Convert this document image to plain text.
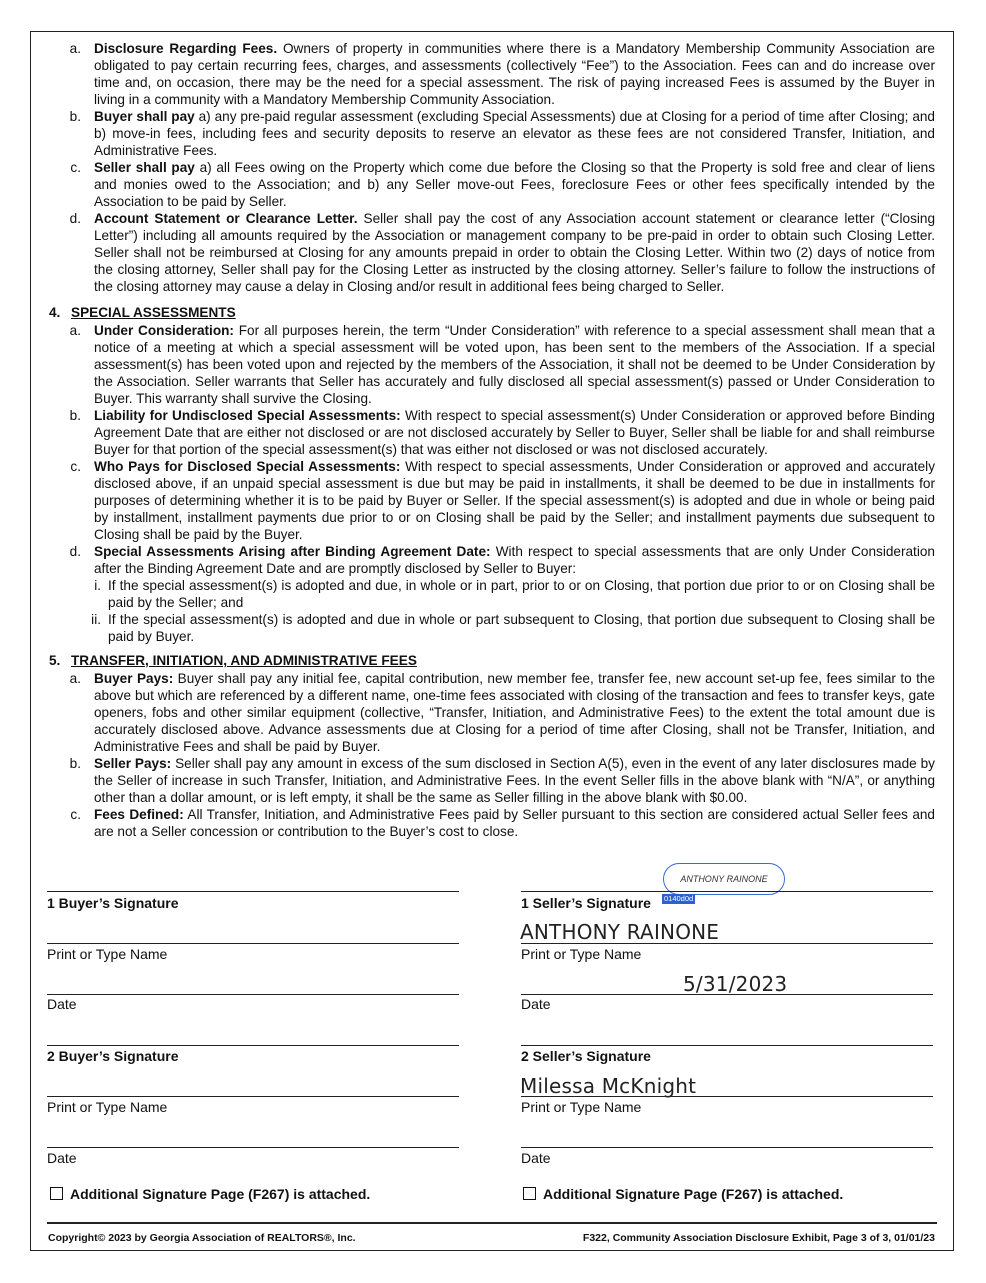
a. Disclosure Regarding Fees. Owners of property in communities where there is a Mandatory Membership Community Association are obligated to pay certain recurring fees, charges, and assessments (collectively “Fee”) to the Association. Fees can and do increase over time and, on occasion, there may be the need for a special assessment. The risk of paying increased Fees is assumed by the Buyer in living in a community with a Mandatory Membership Community Association.
b. Buyer shall pay a) any pre-paid regular assessment (excluding Special Assessments) due at Closing for a period of time after Closing; and b) move-in fees, including fees and security deposits to reserve an elevator as these fees are not considered Transfer, Initiation, and Administrative Fees.
c. Seller shall pay a) all Fees owing on the Property which come due before the Closing so that the Property is sold free and clear of liens and monies owed to the Association; and b) any Seller move-out Fees, foreclosure Fees or other fees specifically intended by the Association to be paid by Seller.
d. Account Statement or Clearance Letter. Seller shall pay the cost of any Association account statement or clearance letter (“Closing Letter”) including all amounts required by the Association or management company to be pre-paid in order to obtain such Closing Letter. Seller shall not be reimbursed at Closing for any amounts prepaid in order to obtain the Closing Letter. Within two (2) days of notice from the closing attorney, Seller shall pay for the Closing Letter as instructed by the closing attorney. Seller’s failure to follow the instructions of the closing attorney may cause a delay in Closing and/or result in additional fees being charged to Seller.
4. SPECIAL ASSESSMENTS
a. Under Consideration: For all purposes herein, the term “Under Consideration” with reference to a special assessment shall mean that a notice of a meeting at which a special assessment will be voted upon, has been sent to the members of the Association. If a special assessment(s) has been voted upon and rejected by the members of the Association, it shall not be deemed to be Under Consideration by the Association. Seller warrants that Seller has accurately and fully disclosed all special assessment(s) passed or Under Consideration to Buyer. This warranty shall survive the Closing.
b. Liability for Undisclosed Special Assessments: With respect to special assessment(s) Under Consideration or approved before Binding Agreement Date that are either not disclosed or are not disclosed accurately by Seller to Buyer, Seller shall be liable for and shall reimburse Buyer for that portion of the special assessment(s) that was either not disclosed or was not disclosed accurately.
c. Who Pays for Disclosed Special Assessments: With respect to special assessments, Under Consideration or approved and accurately disclosed above, if an unpaid special assessment is due but may be paid in installments, it shall be deemed to be due in installments for purposes of determining whether it is to be paid by Buyer or Seller. If the special assessment(s) is adopted and due in whole or being paid by installment, installment payments due prior to or on Closing shall be paid by the Seller; and installment payments due subsequent to Closing shall be paid by the Buyer.
d. Special Assessments Arising after Binding Agreement Date: With respect to special assessments that are only Under Consideration after the Binding Agreement Date and are promptly disclosed by Seller to Buyer:
i. If the special assessment(s) is adopted and due, in whole or in part, prior to or on Closing, that portion due prior to or on Closing shall be paid by the Seller; and
ii. If the special assessment(s) is adopted and due in whole or part subsequent to Closing, that portion due subsequent to Closing shall be paid by Buyer.
5. TRANSFER, INITIATION, AND ADMINISTRATIVE FEES
a. Buyer Pays: Buyer shall pay any initial fee, capital contribution, new member fee, transfer fee, new account set-up fee, fees similar to the above but which are referenced by a different name, one-time fees associated with closing of the transaction and fees to transfer keys, gate openers, fobs and other similar equipment (collective, “Transfer, Initiation, and Administrative Fees) to the extent the total amount due is accurately disclosed above. Advance assessments due at Closing for a period of time after Closing, shall not be Transfer, Initiation, and Administrative Fees and shall be paid by Buyer.
b. Seller Pays: Seller shall pay any amount in excess of the sum disclosed in Section A(5), even in the event of any later disclosures made by the Seller of increase in such Transfer, Initiation, and Administrative Fees. In the event Seller fills in the above blank with “N/A”, or anything other than a dollar amount, or is left empty, it shall be the same as Seller filling in the above blank with $0.00.
c. Fees Defined: All Transfer, Initiation, and Administrative Fees paid by Seller pursuant to this section are considered actual Seller fees and are not a Seller concession or contribution to the Buyer’s cost to close.
1 Buyer’s Signature
Print or Type Name
Date
2 Buyer’s Signature
Print or Type Name
Date
Additional Signature Page (F267) is attached.
ANTHONY RAINONE
0140d0d
1 Seller’s Signature
ANTHONY RAINONE
Print or Type Name
5/31/2023
Date
2 Seller’s Signature
Milessa McKnight
Print or Type Name
Date
Additional Signature Page (F267) is attached.
Copyright© 2023 by Georgia Association of REALTORS®, Inc.	F322, Community Association Disclosure Exhibit, Page 3 of 3, 01/01/23
